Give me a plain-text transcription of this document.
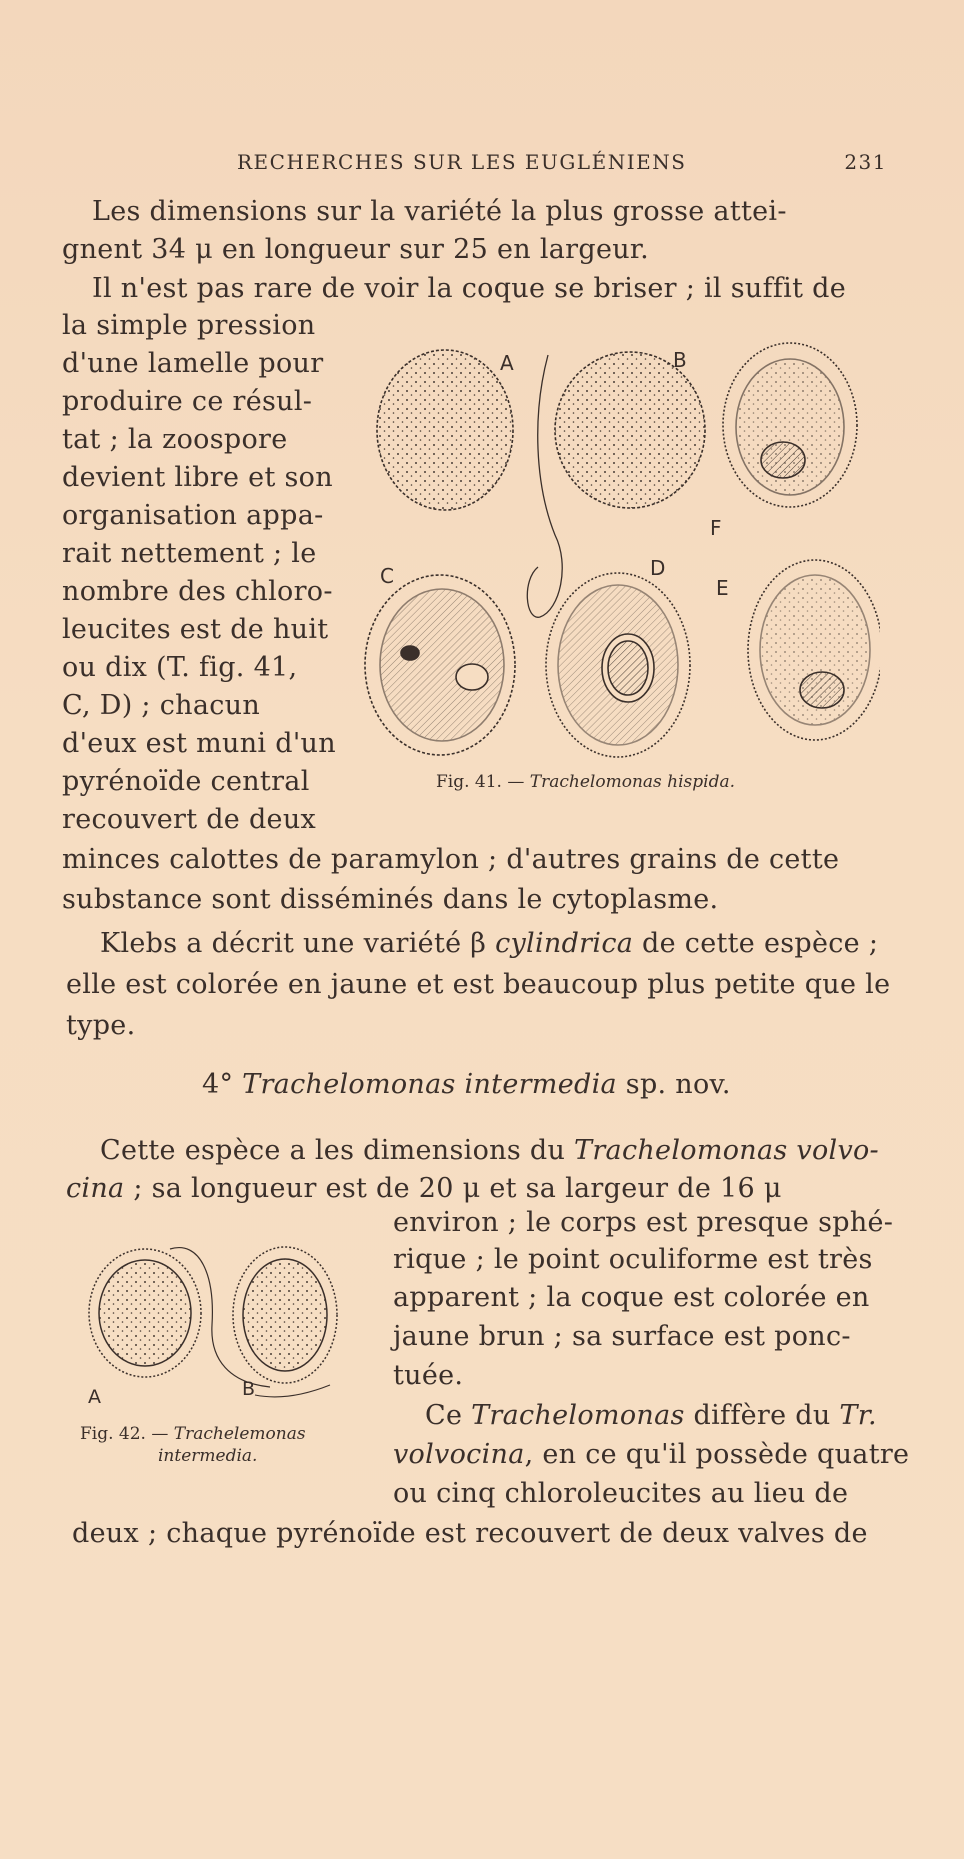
RECHERCHES SUR LES EUGLÉNIENS	231
Les dimensions sur la variété la plus grosse attei-
gnent 34 μ en longueur sur 25 en largeur.
Il n'est pas rare de voir la coque se briser ; il suffit de
la simple pression
d'une lamelle pour
produire ce résul-
tat ; la zoospore
devient libre et son
organisation appa-
rait nettement ; le
nombre des chloro-
leucites est de huit
ou dix (T. fig. 41,
C, D) ; chacun
d'eux est muni d'un
pyrénoïde central
recouvert de deux
minces calottes de paramylon ; d'autres grains de cette
substance sont disséminés dans le cytoplasme.
Klebs a décrit une variété β cylindrica de cette espèce ;
elle est colorée en jaune et est beaucoup plus petite que le
type.
4° Trachelomonas intermedia sp. nov.
Cette espèce a les dimensions du Trachelomonas volvo-
cina ; sa longueur est de 20 μ et sa largeur de 16 μ
environ ; le corps est presque sphé-
rique ; le point oculiforme est très
apparent ; la coque est colorée en
jaune brun ; sa surface est ponc-
tuée.
Ce Trachelomonas diffère du Tr.
volvocina, en ce qu'il possède quatre
ou cinq chloroleucites au lieu de
deux ; chaque pyrénoïde est recouvert de deux valves de
A	B
F
C	D
E
Fig. 41. — Trachelomonas hispida.
A	B
Fig. 42. — Trachelemonas
intermedia.
